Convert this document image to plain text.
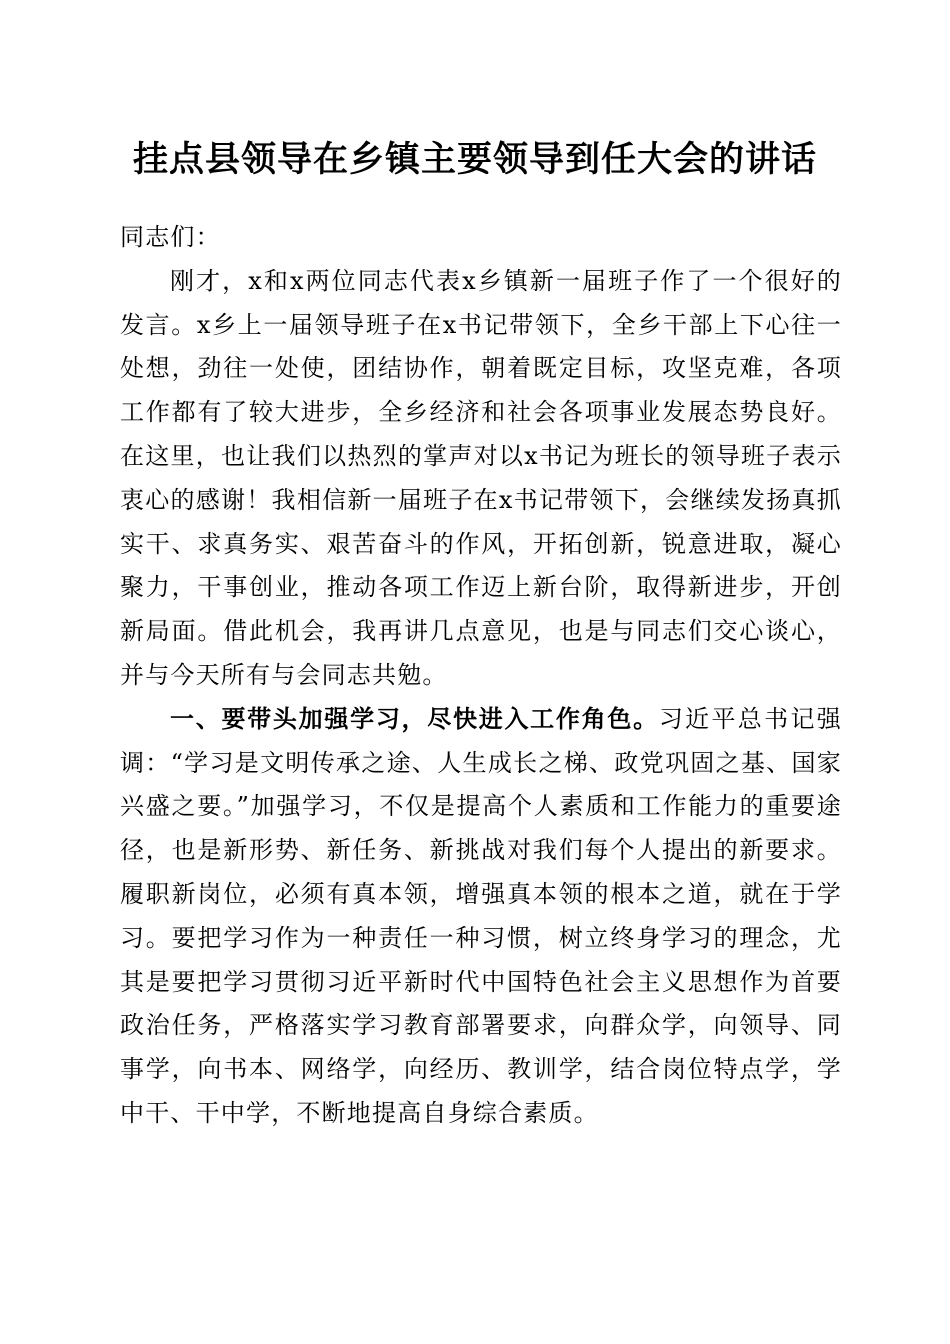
挂点县领导在乡镇主要领导到任大会的讲话

同志们：

刚才，x和x两位同志代表x乡镇新一届班子作了一个很好的发言。x乡上一届领导班子在x书记带领下，全乡干部上下心往一处想，劲往一处使，团结协作，朝着既定目标，攻坚克难，各项工作都有了较大进步，全乡经济和社会各项事业发展态势良好。在这里，也让我们以热烈的掌声对以x书记为班长的领导班子表示衷心的感谢！我相信新一届班子在x书记带领下，会继续发扬真抓实干、求真务实、艰苦奋斗的作风，开拓创新，锐意进取，凝心聚力，干事创业，推动各项工作迈上新台阶，取得新进步，开创新局面。借此机会，我再讲几点意见，也是与同志们交心谈心，并与今天所有与会同志共勉。

一、要带头加强学习，尽快进入工作角色。习近平总书记强调：“学习是文明传承之途、人生成长之梯、政党巩固之基、国家兴盛之要。”加强学习，不仅是提高个人素质和工作能力的重要途径，也是新形势、新任务、新挑战对我们每个人提出的新要求。履职新岗位，必须有真本领，增强真本领的根本之道，就在于学习。要把学习作为一种责任一种习惯，树立终身学习的理念，尤其是要把学习贯彻习近平新时代中国特色社会主义思想作为首要政治任务，严格落实学习教育部署要求，向群众学，向领导、同事学，向书本、网络学，向经历、教训学，结合岗位特点学，学中干、干中学，不断地提高自身综合素质。
